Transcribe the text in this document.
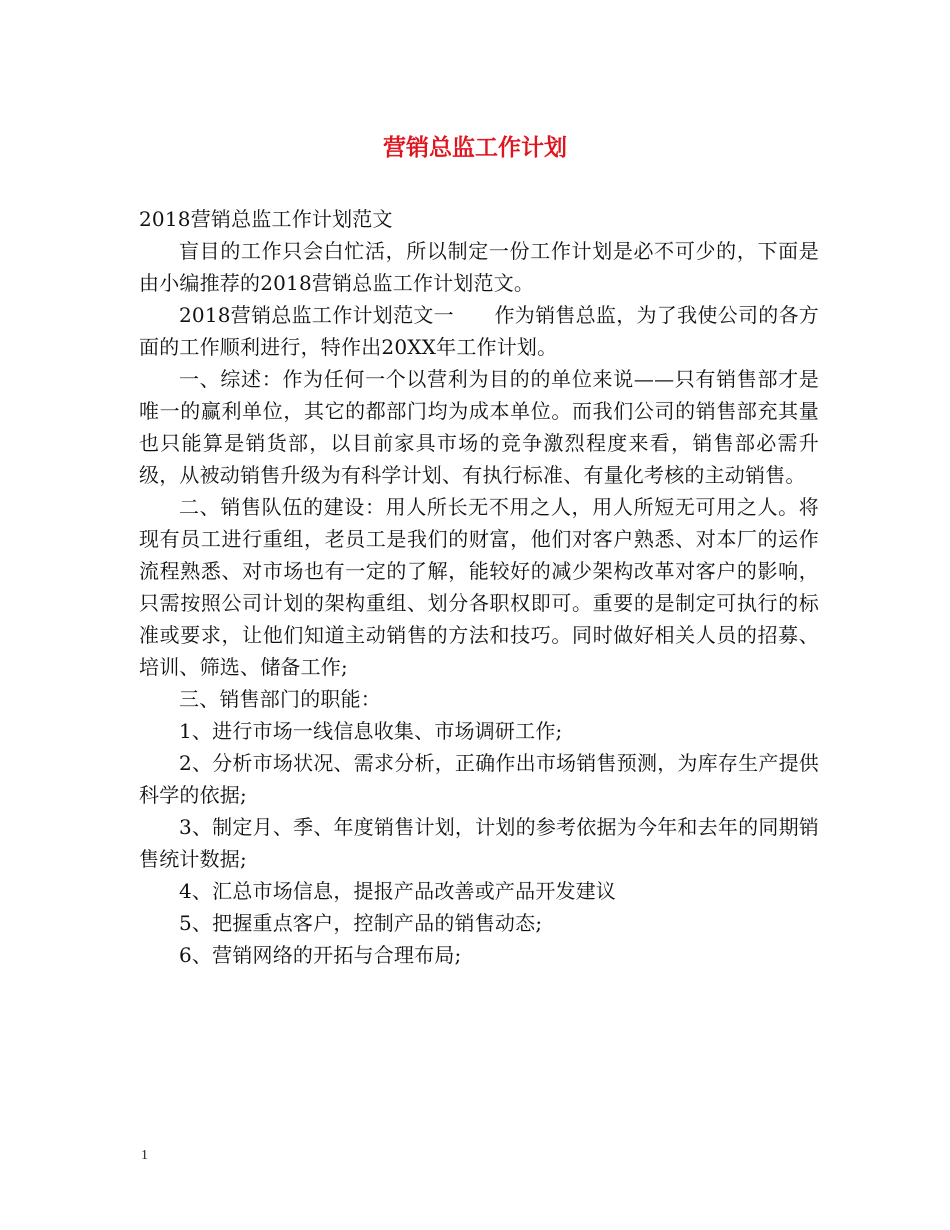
营销总监工作计划

2018营销总监工作计划范文

盲目的工作只会白忙活，所以制定一份工作计划是必不可少的，下面是由小编推荐的2018营销总监工作计划范文。

2018营销总监工作计划范文一　　作为销售总监，为了我使公司的各方面的工作顺利进行，特作出20XX年工作计划。

一、综述：作为任何一个以营利为目的的单位来说——只有销售部才是唯一的赢利单位，其它的都部门均为成本单位。而我们公司的销售部充其量也只能算是销货部，以目前家具市场的竞争激烈程度来看，销售部必需升级，从被动销售升级为有科学计划、有执行标准、有量化考核的主动销售。

二、销售队伍的建设：用人所长无不用之人，用人所短无可用之人。将现有员工进行重组，老员工是我们的财富，他们对客户熟悉、对本厂的运作流程熟悉、对市场也有一定的了解，能较好的减少架构改革对客户的影响，只需按照公司计划的架构重组、划分各职权即可。重要的是制定可执行的标准或要求，让他们知道主动销售的方法和技巧。同时做好相关人员的招募、培训、筛选、储备工作;

三、销售部门的职能：

1、进行市场一线信息收集、市场调研工作;

2、分析市场状况、需求分析，正确作出市场销售预测，为库存生产提供科学的依据;

3、制定月、季、年度销售计划，计划的参考依据为今年和去年的同期销售统计数据;

4、汇总市场信息，提报产品改善或产品开发建议

5、把握重点客户，控制产品的销售动态;

6、营销网络的开拓与合理布局;

1
